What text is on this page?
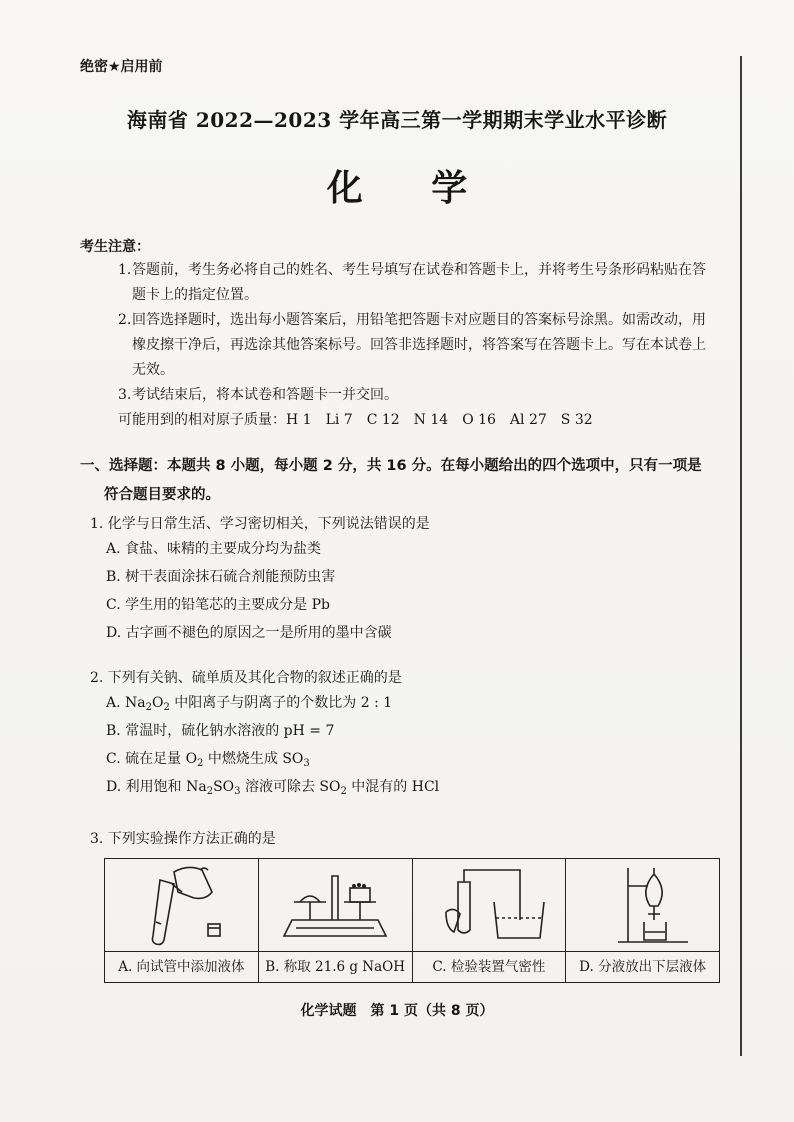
绝密★启用前
海南省 2022—2023 学年高三第一学期期末学业水平诊断
化 学
考生注意：
1. 答题前，考生务必将自己的姓名、考生号填写在试卷和答题卡上，并将考生号条形码粘贴在答题卡上的指定位置。
2. 回答选择题时，选出每小题答案后，用铅笔把答题卡对应题目的答案标号涂黑。如需改动，用橡皮擦干净后，再选涂其他答案标号。回答非选择题时，将答案写在答题卡上。写在本试卷上无效。
3. 考试结束后，将本试卷和答题卡一并交回。
可能用到的相对原子质量：H 1　Li 7　C 12　N 14　O 16　Al 27　S 32
一、选择题：本题共 8 小题，每小题 2 分，共 16 分。在每小题给出的四个选项中，只有一项是
符合题目要求的。
1. 化学与日常生活、学习密切相关，下列说法错误的是
A. 食盐、味精的主要成分均为盐类
B. 树干表面涂抹石硫合剂能预防虫害
C. 学生用的铅笔芯的主要成分是 Pb
D. 古字画不褪色的原因之一是所用的墨中含碳
2. 下列有关钠、硫单质及其化合物的叙述正确的是
A. $Na_2O_2$ 中阳离子与阴离子的个数比为 2 : 1
B. 常温时，硫化钠水溶液的 pH = 7
C. 硫在足量 $O_2$ 中燃烧生成 $SO_3$
D. 利用饱和 $Na_2SO_3$ 溶液可除去 $SO_2$ 中混有的 HCl
3. 下列实验操作方法正确的是
A. 向试管中添加液体	B. 称取 21.6 g NaOH	C. 检验装置气密性	D. 分液放出下层液体
化学试题　第 1 页（共 8 页）
